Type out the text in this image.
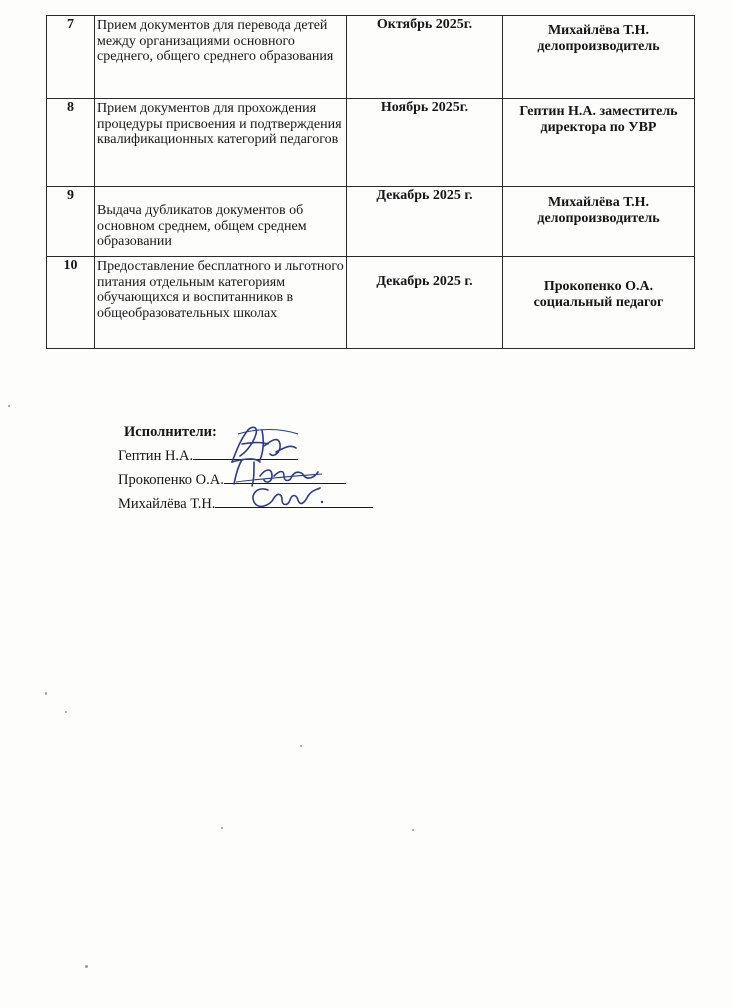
7	Прием документов для перевода детей между организациями основного среднего, общего среднего образования	Октябрь 2025г.	Михайлёва Т.Н. делопроизводитель
8	Прием документов для прохождения процедуры присвоения и подтверждения квалификационных категорий педагогов	Ноябрь 2025г.	Гептин Н.А. заместитель директора по УВР
9	Выдача дубликатов документов об основном среднем, общем среднем образовании	Декабрь 2025 г.	Михайлёва Т.Н. делопроизводитель
10	Предоставление бесплатного и льготного питания отдельным категориям обучающихся и воспитанников в общеобразовательных школах	Декабрь 2025 г.	Прокопенко О.А. социальный педагог
Исполнители:
Гептин Н.А.
Прокопенко О.А.
Михайлёва Т.Н.
